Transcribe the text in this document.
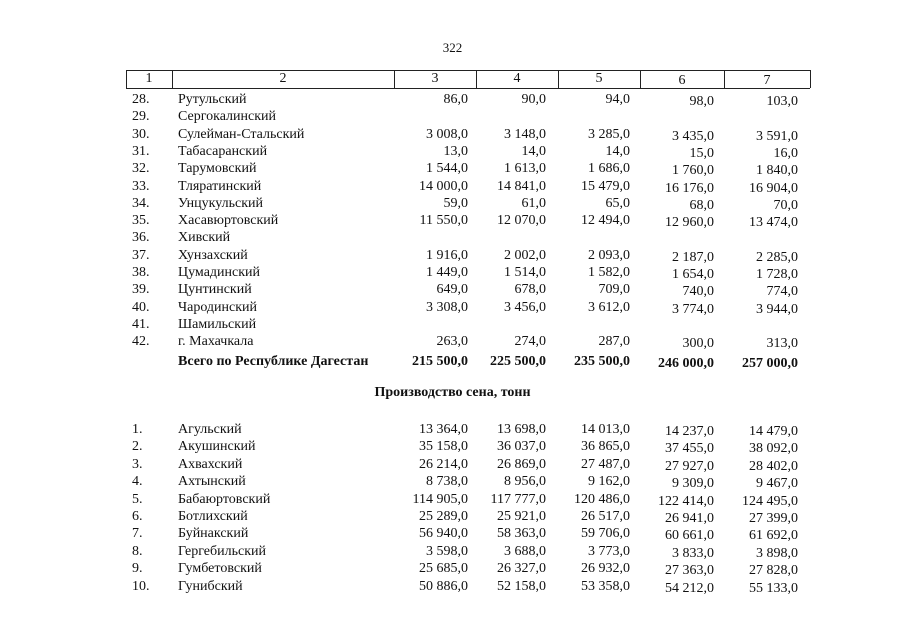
322
1	2	3	4	5	6	7
28. Рутульский	86,0	90,0	94,0	98,0	103,0
29. Сергокалинский
30. Сулейман-Стальский	3 008,0	3 148,0	3 285,0	3 435,0	3 591,0
31. Табасаранский	13,0	14,0	14,0	15,0	16,0
32. Тарумовский	1 544,0	1 613,0	1 686,0	1 760,0	1 840,0
33. Тляратинский	14 000,0	14 841,0	15 479,0	16 176,0	16 904,0
34. Унцукульский	59,0	61,0	65,0	68,0	70,0
35. Хасавюртовский	11 550,0	12 070,0	12 494,0	12 960,0	13 474,0
36. Хивский
37. Хунзахский	1 916,0	2 002,0	2 093,0	2 187,0	2 285,0
38. Цумадинский	1 449,0	1 514,0	1 582,0	1 654,0	1 728,0
39. Цунтинский	649,0	678,0	709,0	740,0	774,0
40. Чародинский	3 308,0	3 456,0	3 612,0	3 774,0	3 944,0
41. Шамильский
42. г. Махачкала	263,0	274,0	287,0	300,0	313,0
Всего по Республике Дагестан	215 500,0	225 500,0	235 500,0	246 000,0	257 000,0
Производство сена, тонн
1.	Агульский	13 364,0	13 698,0	14 013,0	14 237,0	14 479,0
2.	Акушинский	35 158,0	36 037,0	36 865,0	37 455,0	38 092,0
3.	Ахвахский	26 214,0	26 869,0	27 487,0	27 927,0	28 402,0
4.	Ахтынский	8 738,0	8 956,0	9 162,0	9 309,0	9 467,0
5.	Бабаюртовский	114 905,0	117 777,0	120 486,0	122 414,0	124 495,0
6.	Ботлихский	25 289,0	25 921,0	26 517,0	26 941,0	27 399,0
7.	Буйнакский	56 940,0	58 363,0	59 706,0	60 661,0	61 692,0
8.	Гергебильский	3 598,0	3 688,0	3 773,0	3 833,0	3 898,0
9.	Гумбетовский	25 685,0	26 327,0	26 932,0	27 363,0	27 828,0
10. Гунибский	50 886,0	52 158,0	53 358,0	54 212,0	55 133,0
